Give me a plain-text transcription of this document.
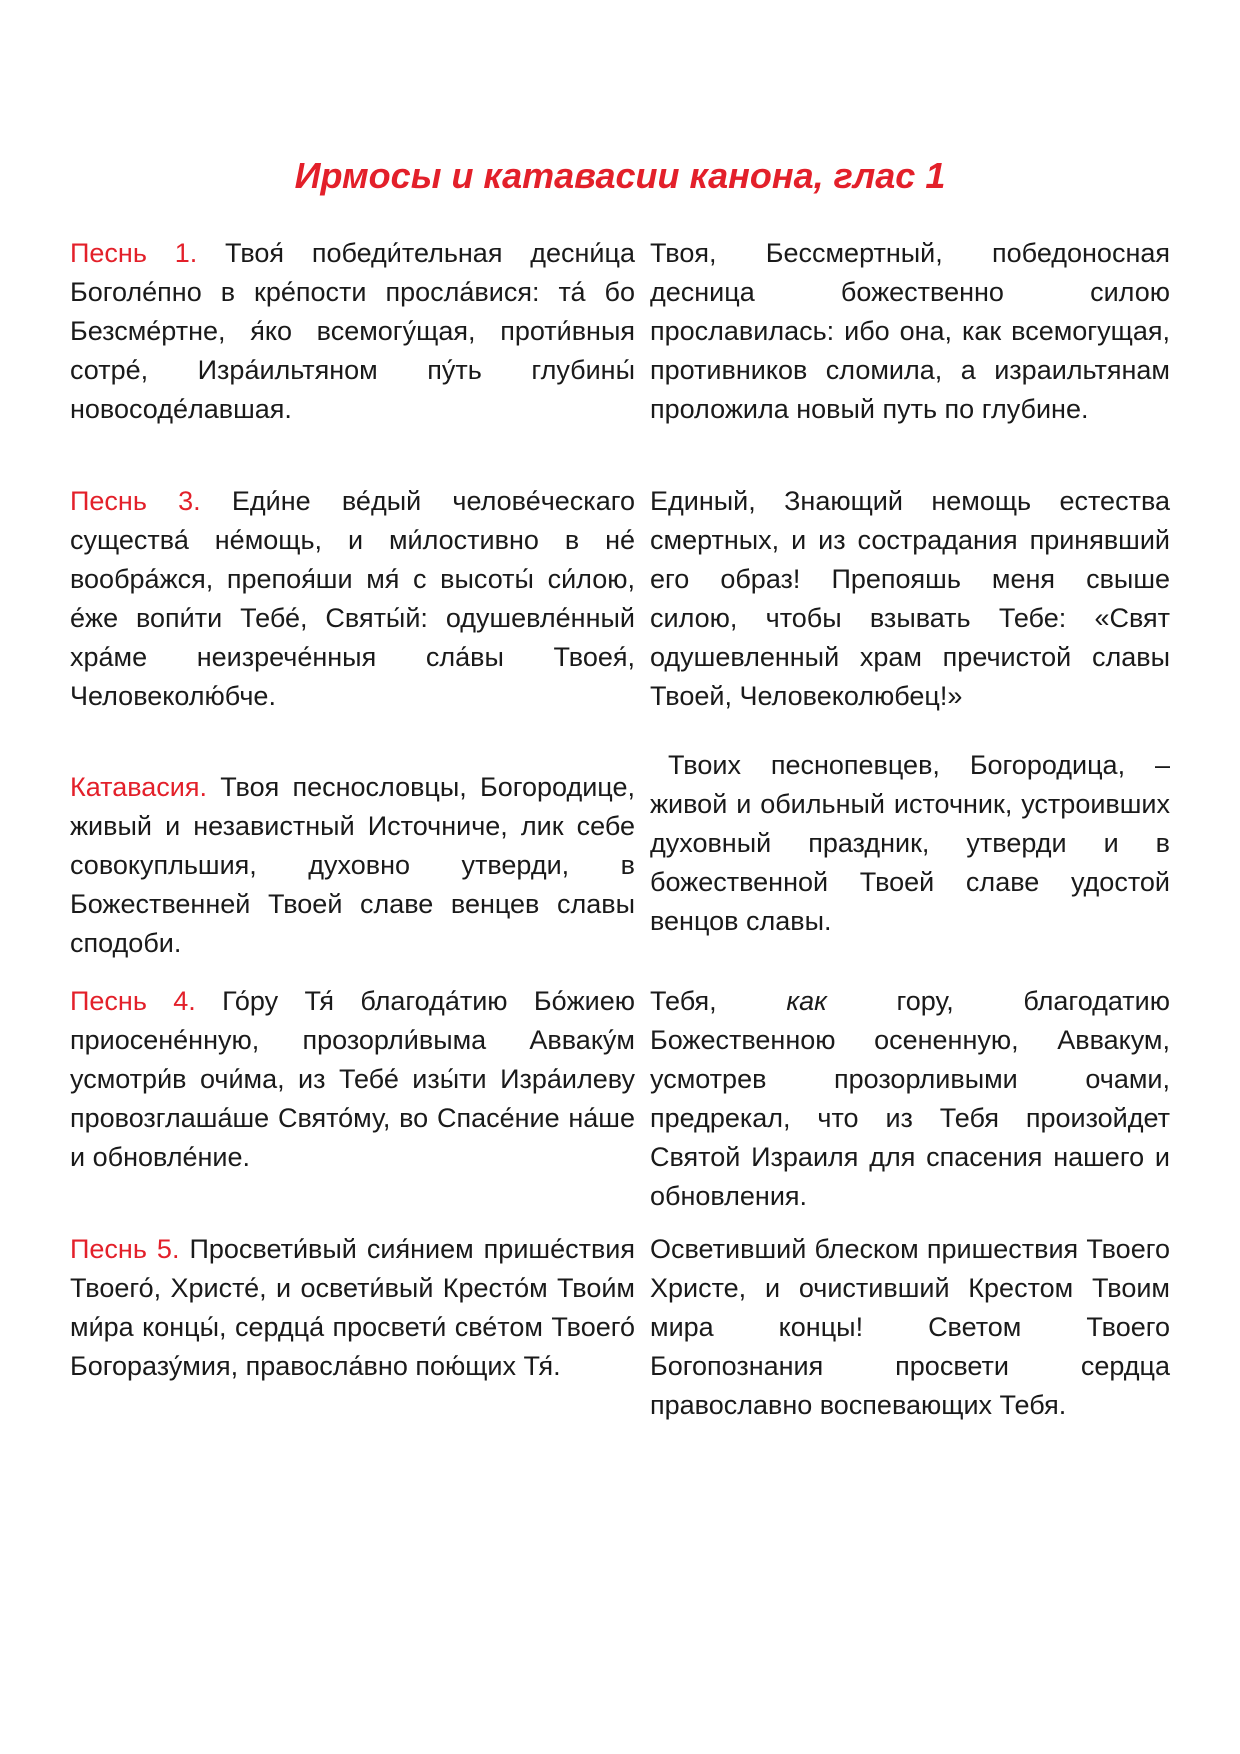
Ирмосы и катавасии канона, глас 1
Песнь 1. Твоя́ победи́тельная десни́ца Боголе́пно в кре́пости просла́вися: та́ бо Безсме́ртне, я́ко всемогу́щая, проти́вныя сотре́, Изра́ильтяном пу́ть глубины́ новосоде́лавшая.
Твоя, Бессмертный, победоносная десница божественно силою прославилась: ибо она, как всемогущая, противников сломила, а израильтянам проложила новый путь по глубине.
Песнь 3. Еди́не ве́дый челове́ческаго существа́ не́мощь, и ми́лостивно в не́ вообра́жся, препоя́ши мя́ с высоты́ си́лою, е́же вопи́ти Тебе́, Святы́й: одушевле́нный хра́ме неизрече́нныя сла́вы Твоея́, Человеколю́бче.
Единый, Знающий немощь естества смертных, и из сострадания принявший его образ! Препояшь меня свыше силою, чтобы взывать Тебе: «Свят одушевленный храм пречистой славы Твоей, Человеколюбец!»
Катавасия. Твоя песнословцы, Богородице, живый и независтный Источниче, лик себе совокупльшия, духовно утверди, в Божественней Твоей славе венцев славы сподоби.
Твоих песнопевцев, Богородица, – живой и обильный источник, устроивших духовный праздник, утверди и в божественной Твоей славе удостой венцов славы.
Песнь 4. Го́ру Тя́ благода́тию Бо́жиею приосене́нную, прозорли́выма Авваку́м усмотри́в очи́ма, из Тебе́ изы́ти Изра́илеву провозглаша́ше Свято́му, во Спасе́ние на́ше и обновле́ние.
Тебя, как гору, благодатию Божественною осененную, Аввакум, усмотрев прозорливыми очами, предрекал, что из Тебя произойдет Святой Израиля для спасения нашего и обновления.
Песнь 5. Просвети́вый сия́нием прише́ствия Твоего́, Христе́, и освети́вый Кресто́м Твои́м ми́ра концы́, сердца́ просвети́ све́том Твоего́ Богоразу́мия, правосла́вно пою́щих Тя́.
Осветивший блеском пришествия Твоего Христе, и очистивший Крестом Твоим мира концы! Светом Твоего Богопознания просвети сердца православно воспевающих Тебя.
